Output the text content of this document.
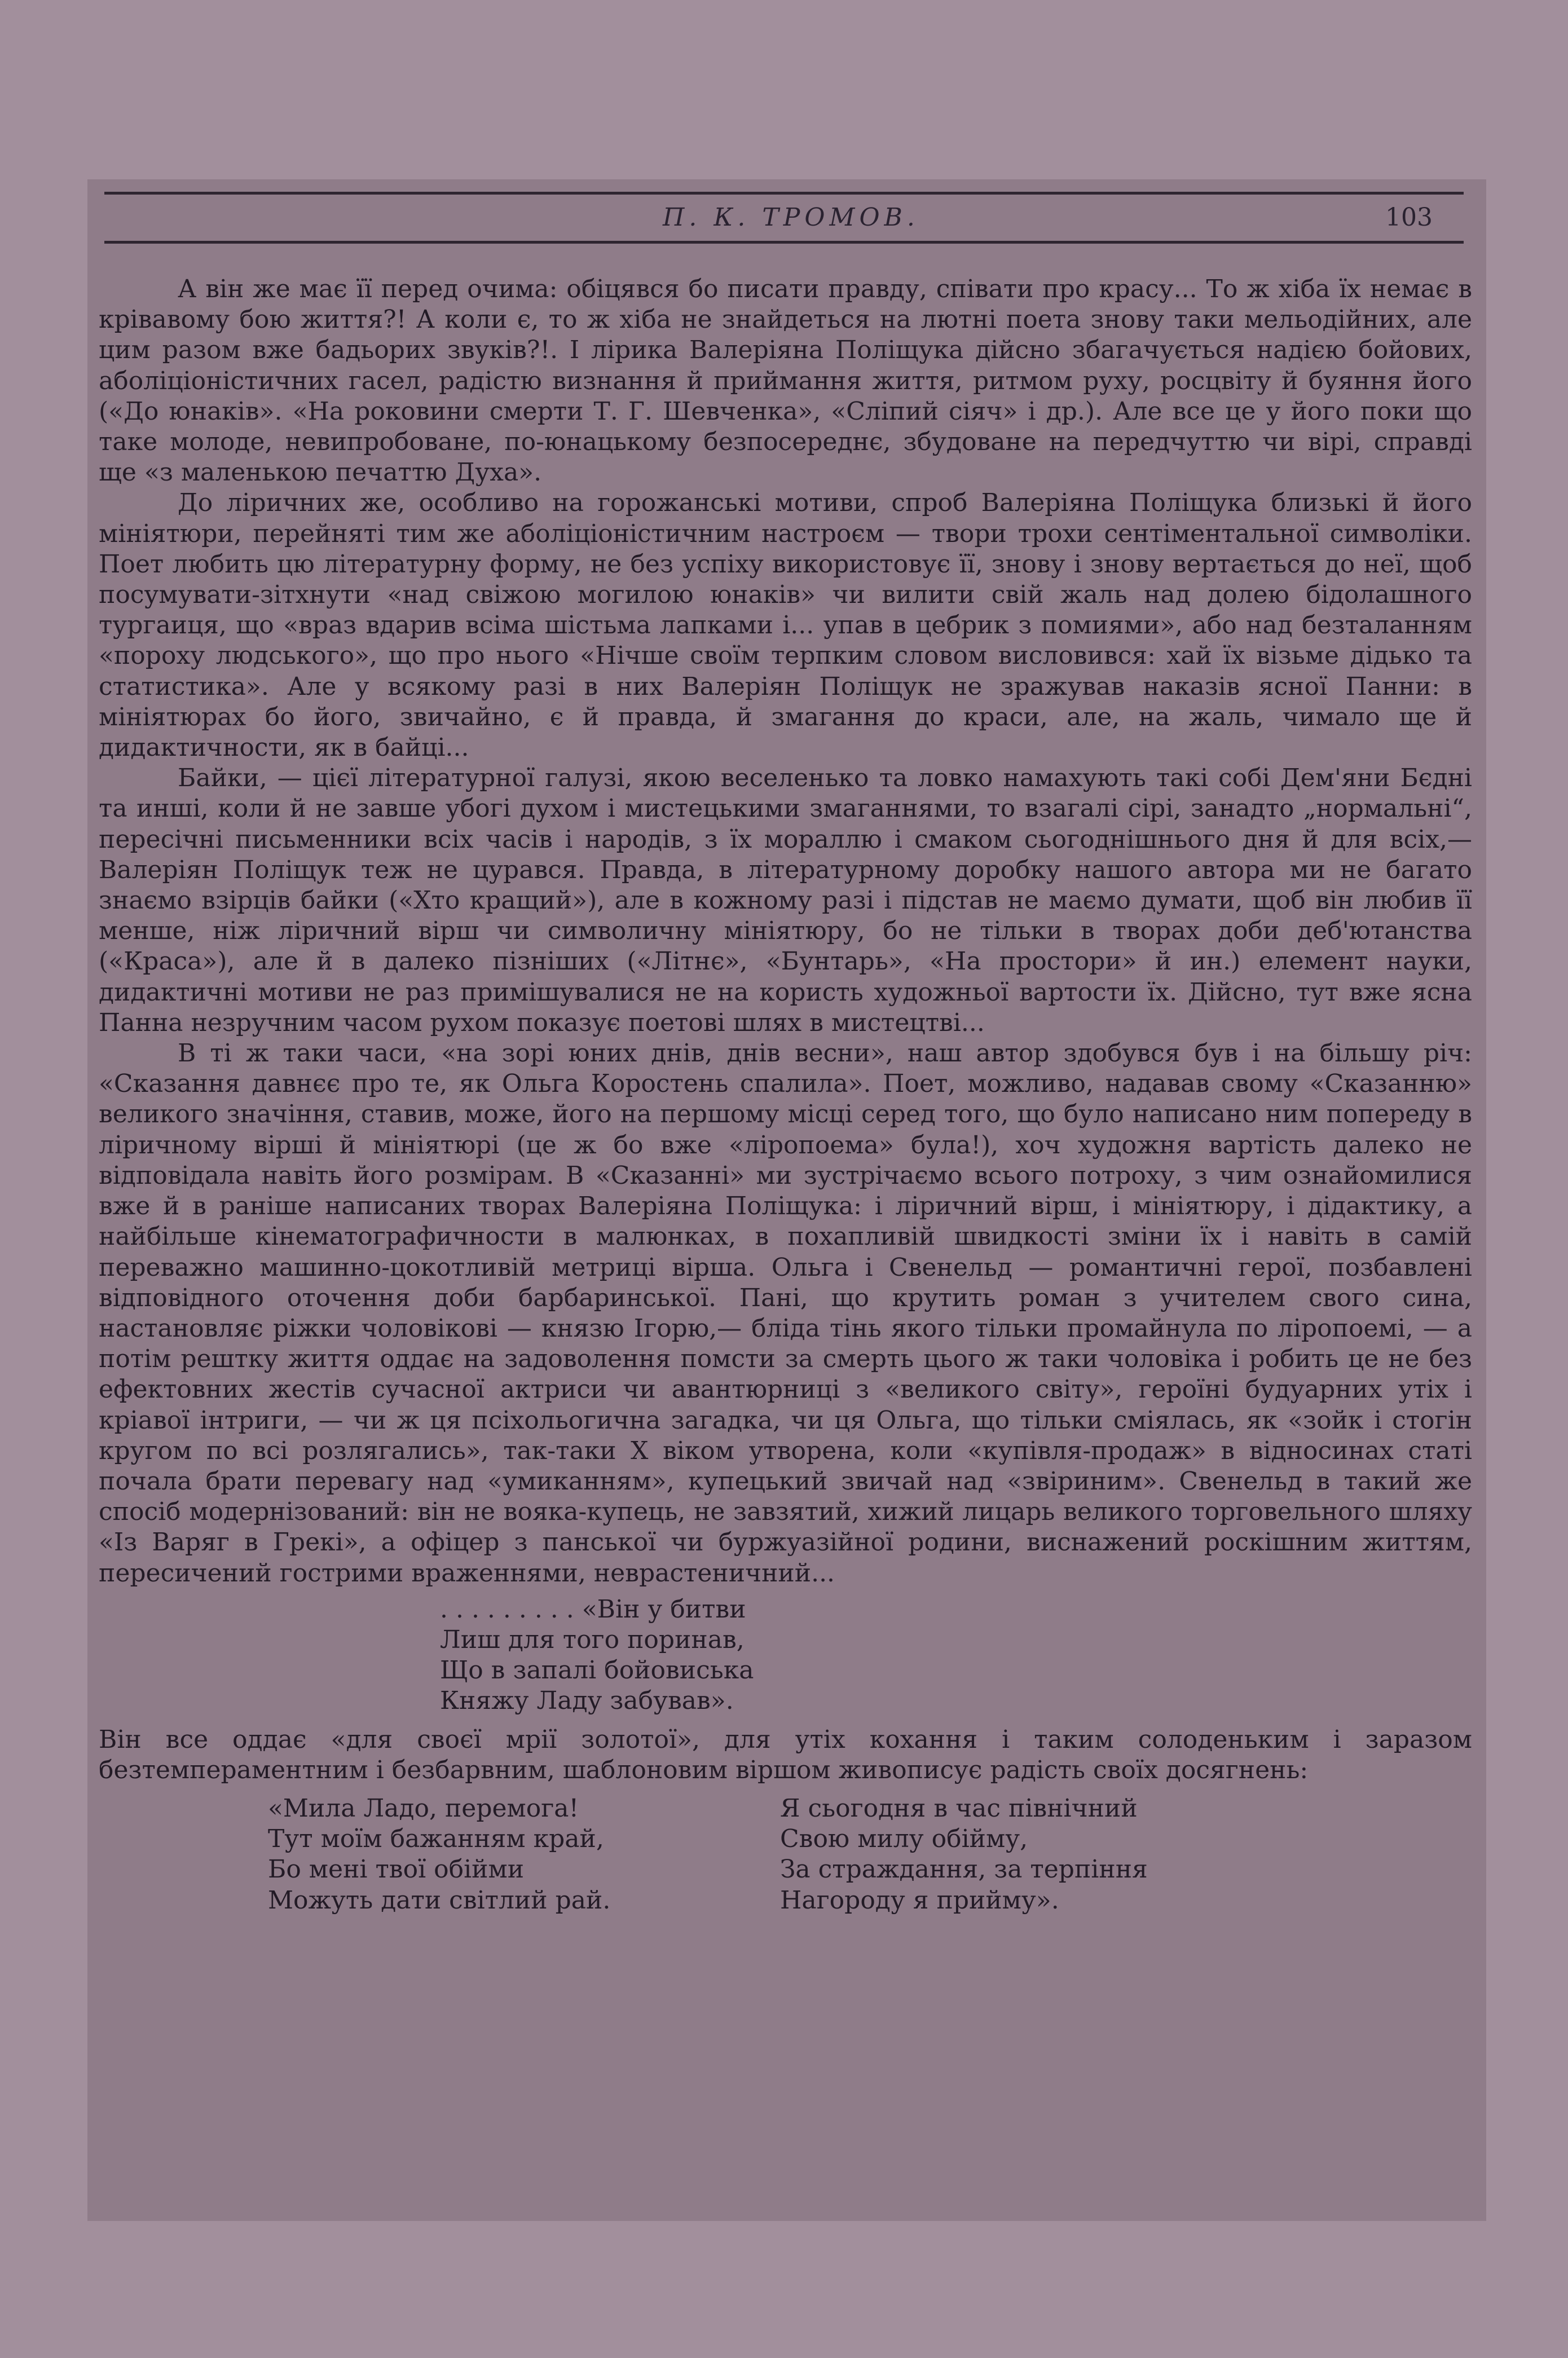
П. К. ТРОМОВ.	103

А він же має її перед очима: обіцявся бо писати правду, співати про красу... То ж хіба їх немає в крівавому бою життя?! А коли є, то ж хіба не знайдеться на лютні поета знову таки мельодійних, але цим разом вже бадьорих звуків?!. І лірика Валеріяна Поліщука дійсно збагачується надією бойових, аболіціоністичних гасел, радістю визнання й приймання життя, ритмом руху, росцвіту й буяння його («До юнаків». «На роковини смерти Т. Г. Шевченка», «Сліпий сіяч» і др.). Але все це у його поки що таке молоде, невипробоване, по-юнацькому безпосереднє, збудоване на передчуттю чи вірі, справді ще «з маленькою печаттю Духа».

До ліричних же, особливо на горожанські мотиви, спроб Валеріяна Поліщука близькі й його мініятюри, перейняті тим же аболіціоністичним настроєм — твори трохи сентіментальної символіки. Поет любить цю літературну форму, не без успіху використовує її, знову і знову вертається до неї, щоб посумувати-зітхнути «над свіжою могилою юнаків» чи вилити свій жаль над долею бідолашного тургаиця, що «враз вдарив всіма шістьма лапками і... упав в цебрик з помиями», або над безталанням «пороху людського», що про нього «Нічше своїм терпким словом висловився: хай їх візьме дідько та статистика». Але у всякому разі в них Валеріян Поліщук не зражував наказів ясної Панни: в мініятюрах бо його, звичайно, є й правда, й змагання до краси, але, на жаль, чимало ще й дидактичности, як в байці...

Байки, — цієї літературної галузі, якою веселенько та ловко намахують такі собі Дем'яни Бєдні та инші, коли й не завше убогі духом і мистецькими змаганнями, то взагалі сірі, занадто „нормальні“, пересічні письменники всіх часів і народів, з їх мораллю і смаком сьогоднішнього дня й для всіх,— Валеріян Поліщук теж не цурався. Правда, в літературному доробку нашого автора ми не багато знаємо взірців байки («Хто кращий»), але в кожному разі і підстав не маємо думати, щоб він любив її менше, ніж ліричний вірш чи символичну мініятюру, бо не тільки в творах доби деб'ютанства («Краса»), але й в далеко пізніших («Літнє», «Бунтарь», «На простори» й ин.) елемент науки, дидактичні мотиви не раз примішувалися не на користь художньої вартости їх. Дійсно, тут вже ясна Панна незручним часом рухом показує поетові шлях в мистецтві...

В ті ж таки часи, «на зорі юних днів, днів весни», наш автор здобувся був і на більшу річ: «Сказання давнєє про те, як Ольга Коростень спалила». Поет, можливо, надавав свому «Сказанню» великого значіння, ставив, може, його на першому місці серед того, що було написано ним попереду в ліричному вірші й мініятюрі (це ж бо вже «ліропоема» була!), хоч художня вартість далеко не відповідала навіть його розмірам. В «Сказанні» ми зустрічаємо всього потроху, з чим ознайомилися вже й в раніше написаних творах Валеріяна Поліщука: і ліричний вірш, і мініятюру, і дідактику, а найбільше кінематографичности в малюнках, в похапливій швидкості зміни їх і навіть в самій переважно машинно-цокотливій метриці вірша. Ольга і Свенельд — романтичні герої, позбавлені відповідного оточення доби барбаринської. Пані, що крутить роман з учителем свого сина, настановляє ріжки чоловікові — князю Ігорю,— бліда тінь якого тільки промайнула по ліропоемі, — а потім рештку життя оддає на задоволення помсти за смерть цього ж таки чоловіка і робить це не без ефектовних жестів сучасної актриси чи авантюрниці з «великого світу», героїні будуарних утіх і кріавої інтриги, — чи ж ця псіхольогична загадка, чи ця Ольга, що тільки сміялась, як «зойк і стогін кругом по всі розлягались», так-таки X віком утворена, коли «купівля-продаж» в відносинах статі почала брати перевагу над «умиканням», купецький звичай над «звіриним». Свенельд в такий же спосіб модернізований: він не вояка-купець, не завзятий, хижий лицарь великого торговельного шляху «Із Варяг в Грекі», а офіцер з панської чи буржуазійної родини, виснажений роскішним життям, пересичений гострими враженнями, неврастеничний...

. . . . . . . . . «Він у битви
Лиш для того поринав,
Що в запалі бойовиська
Княжу Ладу забував».

Він все оддає «для своєї мрії золотої», для утіх кохання і таким солоденьким і заразом безтемпераментним і безбарвним, шаблоновим віршом живописує радість своїх досягнень:

«Мила Ладо, перемога!
Тут моїм бажанням край,
Бо мені твої обійми
Можуть дати світлий рай.
Я сьогодня в час північний
Свою милу обійму,
За страждання, за терпіння
Нагороду я прийму».
